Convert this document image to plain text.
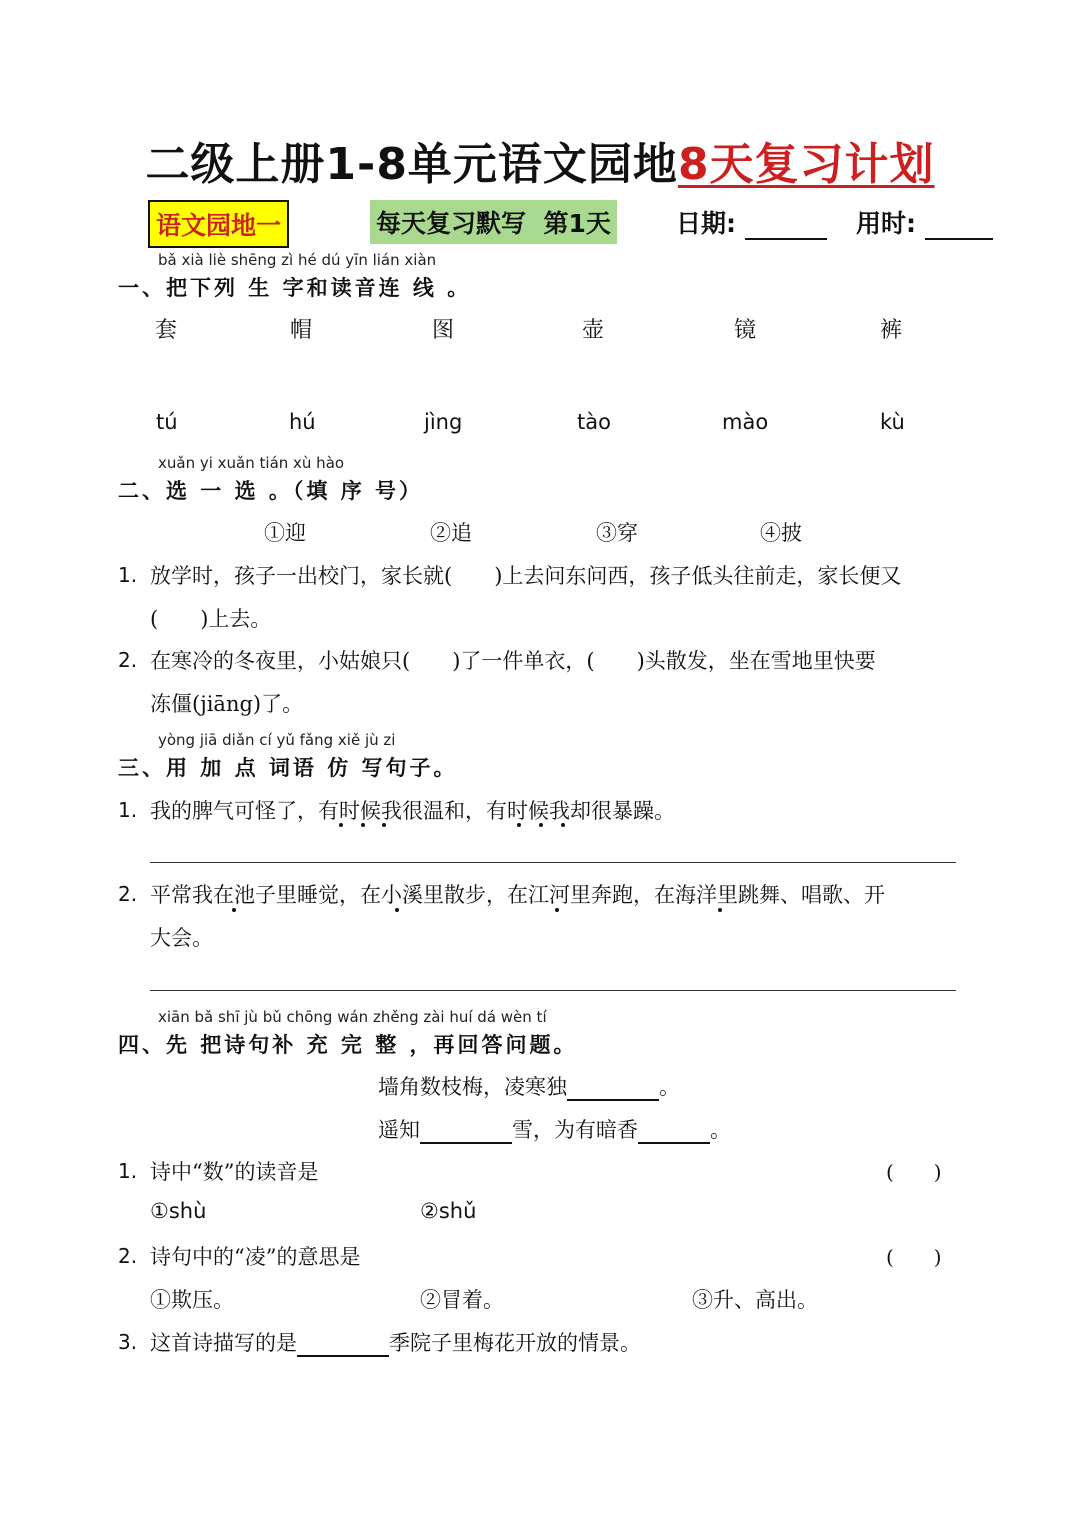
二级上册1-8单元语文园地8天复习计划
语文园地一	每天复习默写 第1天	日期:	用时:
bǎ xià liè shēng zì hé dú yīn lián xiàn
一、把下列 生 字和读音连 线 。
套	帽	图	壶	镜	裤
tú	hú	jìng	tào	mào	kù
xuǎn yi xuǎn tián xù hào
二、选 一 选 。（填 序 号）
①迎	②追	③穿	④披
1. 放学时，孩子一出校门，家长就(　　)上去问东问西，孩子低头往前走，家长便又
(　　)上去。
2. 在寒冷的冬夜里，小姑娘只(　　)了一件单衣，(　　)头散发，坐在雪地里快要
冻僵(jiāng)了。
yòng jiā diǎn cí yǔ fǎng xiě jù zi
三、用 加 点 词语 仿 写句子。
1. 我的脾气可怪了，有时候我很温和，有时候我却很暴躁。
2. 平常我在池子里睡觉，在小溪里散步，在江河里奔跑，在海洋里跳舞、唱歌、开
大会。
xiān bǎ shī jù bǔ chōng wán zhěng zài huí dá wèn tí
四、先 把诗句补 充 完 整 ，再回答问题。
墙角数枝梅，凌寒独	。
遥知	雪，为有暗香	。
1. 诗中“数”的读音是	(　　)
①shù	②shǔ
2. 诗句中的“凌”的意思是	(　　)
①欺压。	②冒着。	③升、高出。
3. 这首诗描写的是	季院子里梅花开放的情景。
